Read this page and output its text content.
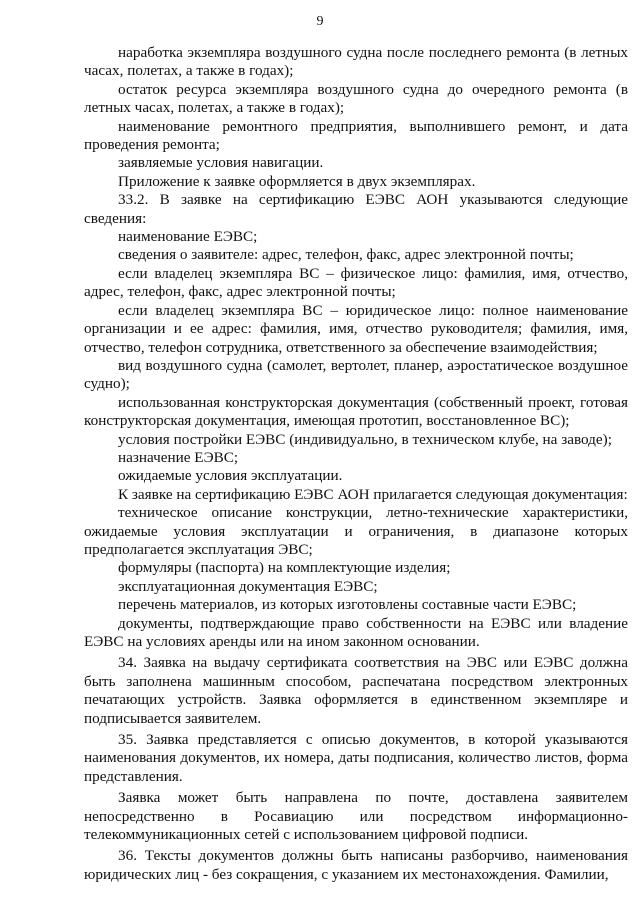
9

наработка экземпляра воздушного судна после последнего ремонта (в летных часах, полетах, а также в годах);

остаток ресурса экземпляра воздушного судна до очередного ремонта (в летных часах, полетах, а также в годах);

наименование ремонтного предприятия, выполнившего ремонт, и дата проведения ремонта;

заявляемые условия навигации.

Приложение к заявке оформляется в двух экземплярах.

33.2. В заявке на сертификацию ЕЭВС АОН указываются следующие сведения:

наименование ЕЭВС;

сведения о заявителе: адрес, телефон, факс, адрес электронной почты;

если владелец экземпляра ВС – физическое лицо: фамилия, имя, отчество, адрес, телефон, факс, адрес электронной почты;

если владелец экземпляра ВС – юридическое лицо: полное наименование организации и ее адрес: фамилия, имя, отчество руководителя; фамилия, имя, отчество, телефон сотрудника, ответственного за обеспечение взаимодействия;

вид воздушного судна (самолет, вертолет, планер, аэростатическое воздушное судно);

использованная конструкторская документация (собственный проект, готовая конструкторская документация, имеющая прототип, восстановленное ВС);

условия постройки ЕЭВС (индивидуально, в техническом клубе, на заводе);

назначение ЕЭВС;

ожидаемые условия эксплуатации.

К заявке на сертификацию ЕЭВС АОН прилагается следующая документация:

техническое описание конструкции, летно-технические характеристики, ожидаемые условия эксплуатации и ограничения, в диапазоне которых предполагается эксплуатация ЭВС;

формуляры (паспорта) на комплектующие изделия;

эксплуатационная документация ЕЭВС;

перечень материалов, из которых изготовлены составные части ЕЭВС;

документы, подтверждающие право собственности на ЕЭВС или владение ЕЭВС на условиях аренды или на ином законном основании.

34. Заявка на выдачу сертификата соответствия на ЭВС или ЕЭВС должна быть заполнена машинным способом, распечатана посредством электронных печатающих устройств. Заявка оформляется в единственном экземпляре и подписывается заявителем.

35. Заявка представляется с описью документов, в которой указываются наименования документов, их номера, даты подписания, количество листов, форма представления.

Заявка может быть направлена по почте, доставлена заявителем непосредственно в Росавиацию или посредством информационно-телекоммуникационных сетей с использованием цифровой подписи.

36. Тексты документов должны быть написаны разборчиво, наименования юридических лиц - без сокращения, с указанием их местонахождения. Фамилии,
